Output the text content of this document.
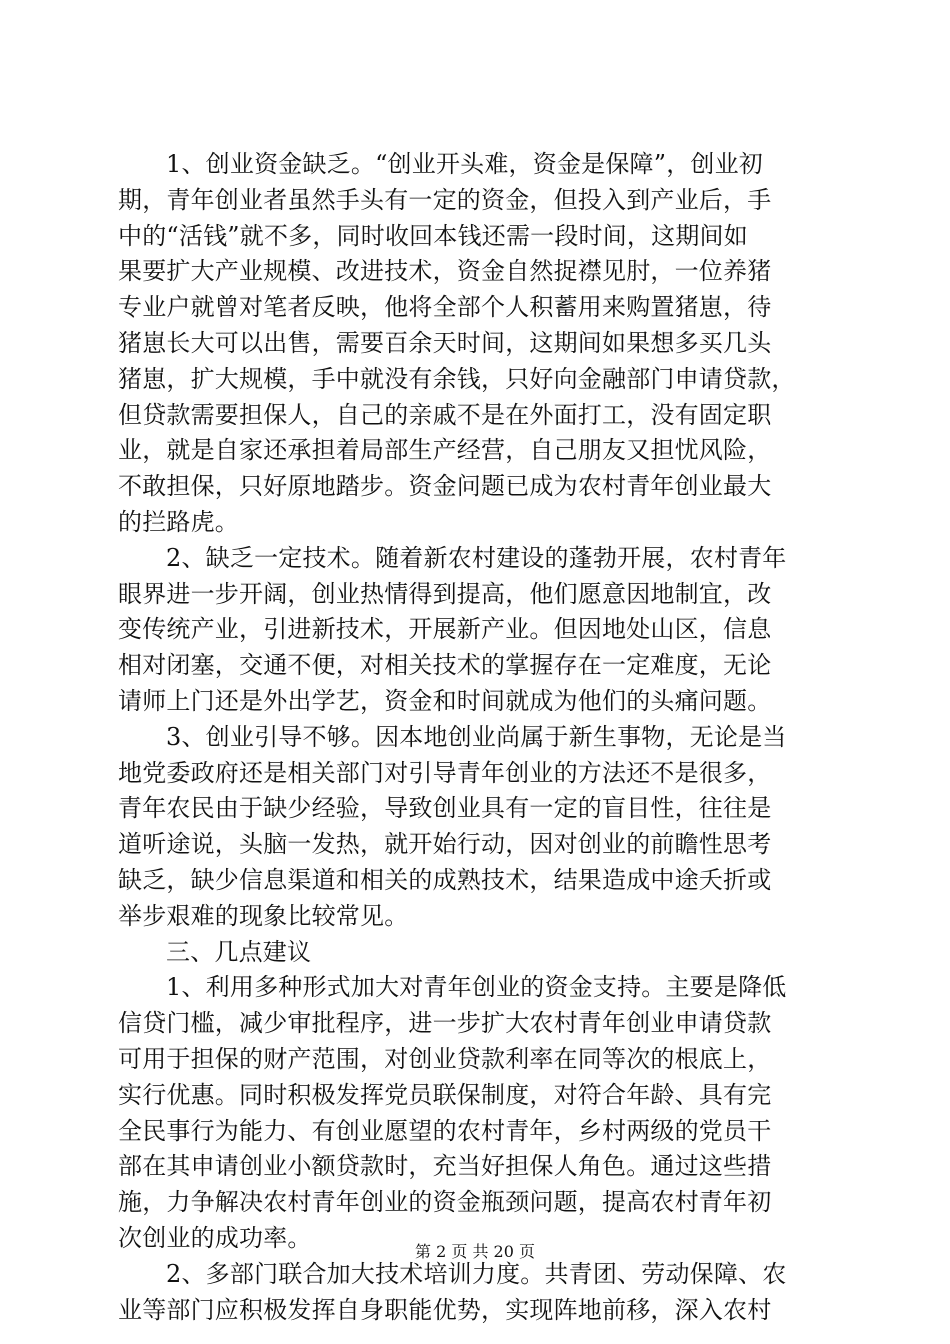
1、创业资金缺乏。“创业开头难，资金是保障”，创业初
期，青年创业者虽然手头有一定的资金，但投入到产业后，手
中的“活钱”就不多，同时收回本钱还需一段时间，这期间如
果要扩大产业规模、改进技术，资金自然捉襟见肘，一位养猪
专业户就曾对笔者反映，他将全部个人积蓄用来购置猪崽，待
猪崽长大可以出售，需要百余天时间，这期间如果想多买几头
猪崽，扩大规模，手中就没有余钱，只好向金融部门申请贷款，
但贷款需要担保人，自己的亲戚不是在外面打工，没有固定职
业，就是自家还承担着局部生产经营，自己朋友又担忧风险，
不敢担保，只好原地踏步。资金问题已成为农村青年创业最大
的拦路虎。
2、缺乏一定技术。随着新农村建设的蓬勃开展，农村青年
眼界进一步开阔，创业热情得到提高，他们愿意因地制宜，改
变传统产业，引进新技术，开展新产业。但因地处山区，信息
相对闭塞，交通不便，对相关技术的掌握存在一定难度，无论
请师上门还是外出学艺，资金和时间就成为他们的头痛问题。
3、创业引导不够。因本地创业尚属于新生事物，无论是当
地党委政府还是相关部门对引导青年创业的方法还不是很多，
青年农民由于缺少经验，导致创业具有一定的盲目性，往往是
道听途说，头脑一发热，就开始行动，因对创业的前瞻性思考
缺乏，缺少信息渠道和相关的成熟技术，结果造成中途夭折或
举步艰难的现象比较常见。
三、几点建议
1、利用多种形式加大对青年创业的资金支持。主要是降低
信贷门槛，减少审批程序，进一步扩大农村青年创业申请贷款
可用于担保的财产范围，对创业贷款利率在同等次的根底上，
实行优惠。同时积极发挥党员联保制度，对符合年龄、具有完
全民事行为能力、有创业愿望的农村青年，乡村两级的党员干
部在其申请创业小额贷款时，充当好担保人角色。通过这些措
施，力争解决农村青年创业的资金瓶颈问题，提高农村青年初
次创业的成功率。
2、多部门联合加大技术培训力度。共青团、劳动保障、农
业等部门应积极发挥自身职能优势，实现阵地前移，深入农村
第 2 页 共 20 页
